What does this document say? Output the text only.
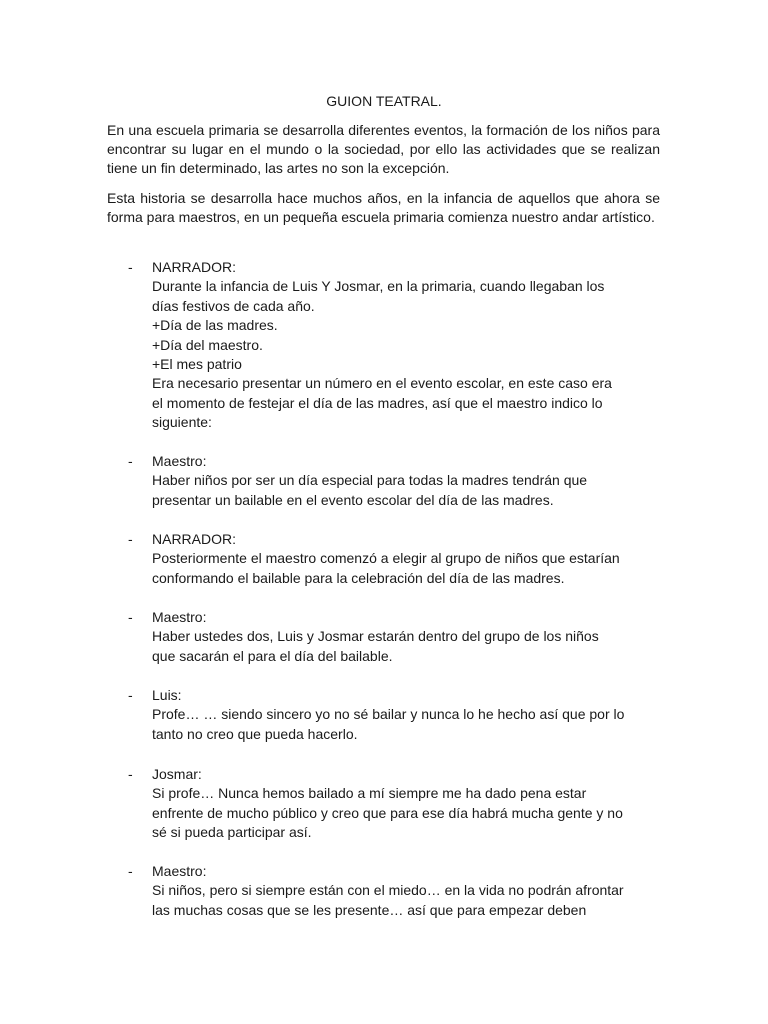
GUION TEATRAL.
En una escuela primaria se desarrolla diferentes eventos, la formación de los niños para encontrar su lugar en el mundo o la sociedad, por ello las actividades que se realizan tiene un fin determinado, las artes no son la excepción.
Esta historia se desarrolla hace muchos años, en la infancia de aquellos que ahora se forma para maestros, en un pequeña escuela primaria comienza nuestro andar artístico.
- NARRADOR:
Durante la infancia de Luis Y Josmar, en la primaria, cuando llegaban los
días festivos de cada año.
+Día de las madres.
+Día del maestro.
+El mes patrio
Era necesario presentar un número en el evento escolar, en este caso era
el momento de festejar el día de las madres, así que el maestro indico lo
siguiente:
- Maestro:
Haber niños por ser un día especial para todas la madres tendrán que
presentar un bailable en el evento escolar del día de las madres.
- NARRADOR:
Posteriormente el maestro comenzó a elegir al grupo de niños que estarían
conformando el bailable para la celebración del día de las madres.
- Maestro:
Haber ustedes dos, Luis y Josmar estarán dentro del grupo de los niños
que sacarán el para el día del bailable.
- Luis:
Profe… … siendo sincero yo no sé bailar y nunca lo he hecho así que por lo
tanto no creo que pueda hacerlo.
- Josmar:
Si profe… Nunca hemos bailado a mí siempre me ha dado pena estar
enfrente de mucho público y creo que para ese día habrá mucha gente y no
sé si pueda participar así.
- Maestro:
Si niños, pero si siempre están con el miedo… en la vida no podrán afrontar
las muchas cosas que se les presente… así que para empezar deben
